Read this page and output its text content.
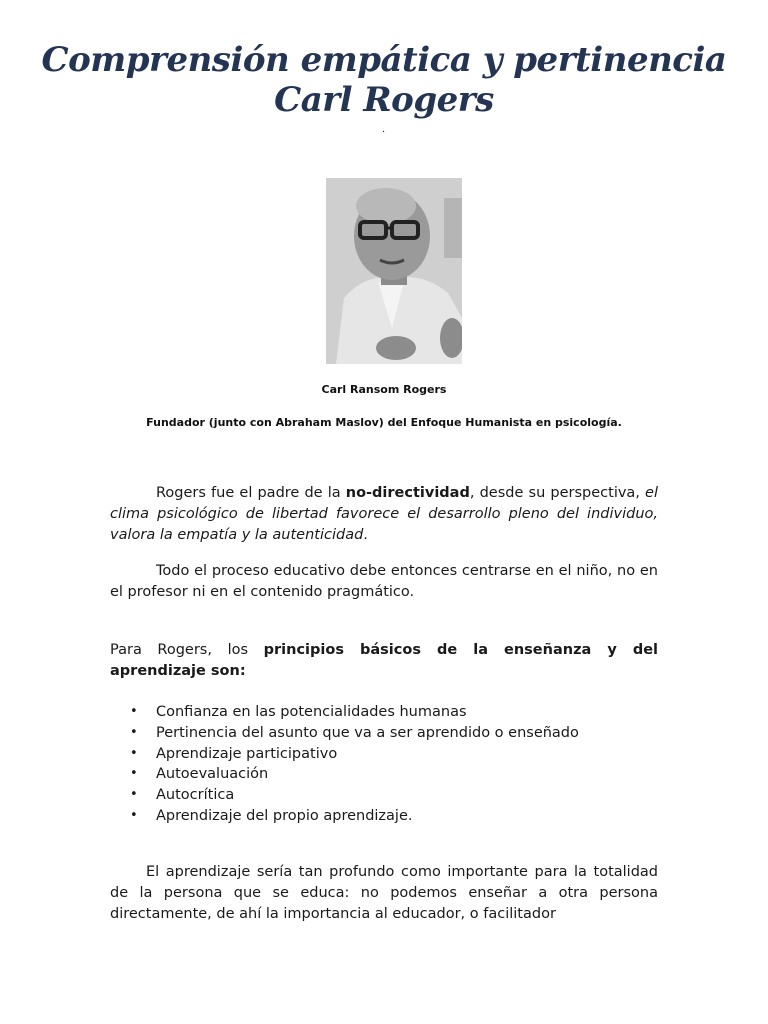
Comprensión empática y pertinencia
Carl Rogers
.
Carl Ransom Rogers
Fundador (junto con Abraham Maslov) del Enfoque Humanista en psicología.

Rogers fue el padre de la no-directividad, desde su perspectiva, el clima psicológico de libertad favorece el desarrollo pleno del individuo, valora la empatía y la autenticidad.

Todo el proceso educativo debe entonces centrarse en el niño, no en el profesor ni en el contenido pragmático.

Para Rogers, los principios básicos de la enseñanza y del aprendizaje son:

• Confianza en las potencialidades humanas
• Pertinencia del asunto que va a ser aprendido o enseñado
• Aprendizaje participativo
• Autoevaluación
• Autocrítica
• Aprendizaje del propio aprendizaje.

El aprendizaje sería tan profundo como importante para la totalidad de la persona que se educa: no podemos enseñar a otra persona directamente, de ahí la importancia al educador, o facilitador
